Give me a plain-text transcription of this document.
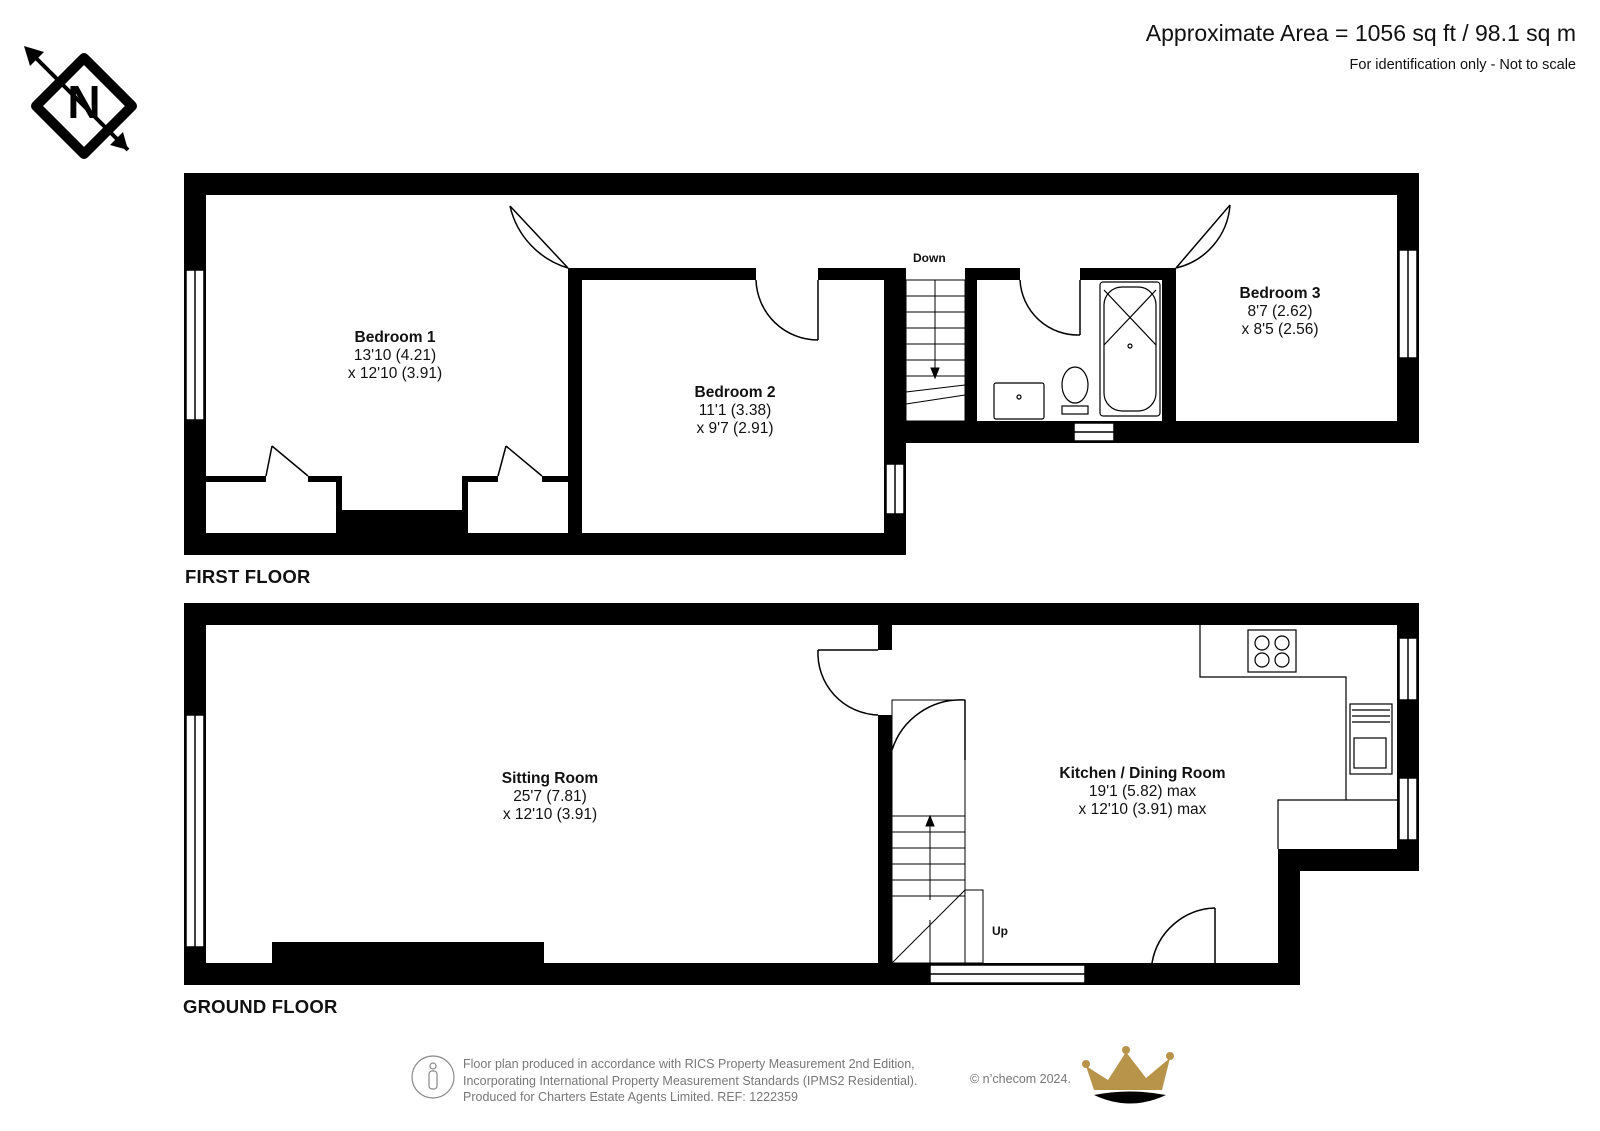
Approximate Area = 1056 sq ft / 98.1 sq m
For identification only - Not to scale
N
Bedroom 1
13'10 (4.21)
x 12'10 (3.91)
Bedroom 2
11'1 (3.38)
x 9'7 (2.91)
Bedroom 3
8'7 (2.62)
x 8'5 (2.56)
Down
FIRST FLOOR
Sitting Room
25'7 (7.81)
x 12'10 (3.91)
Kitchen / Dining Room
19'1 (5.82) max
x 12'10 (3.91) max
Up
GROUND FLOOR
Floor plan produced in accordance with RICS Property Measurement 2nd Edition,
Incorporating International Property Measurement Standards (IPMS2 Residential).
Produced for Charters Estate Agents Limited. REF: 1222359
© n’checom 2024.
